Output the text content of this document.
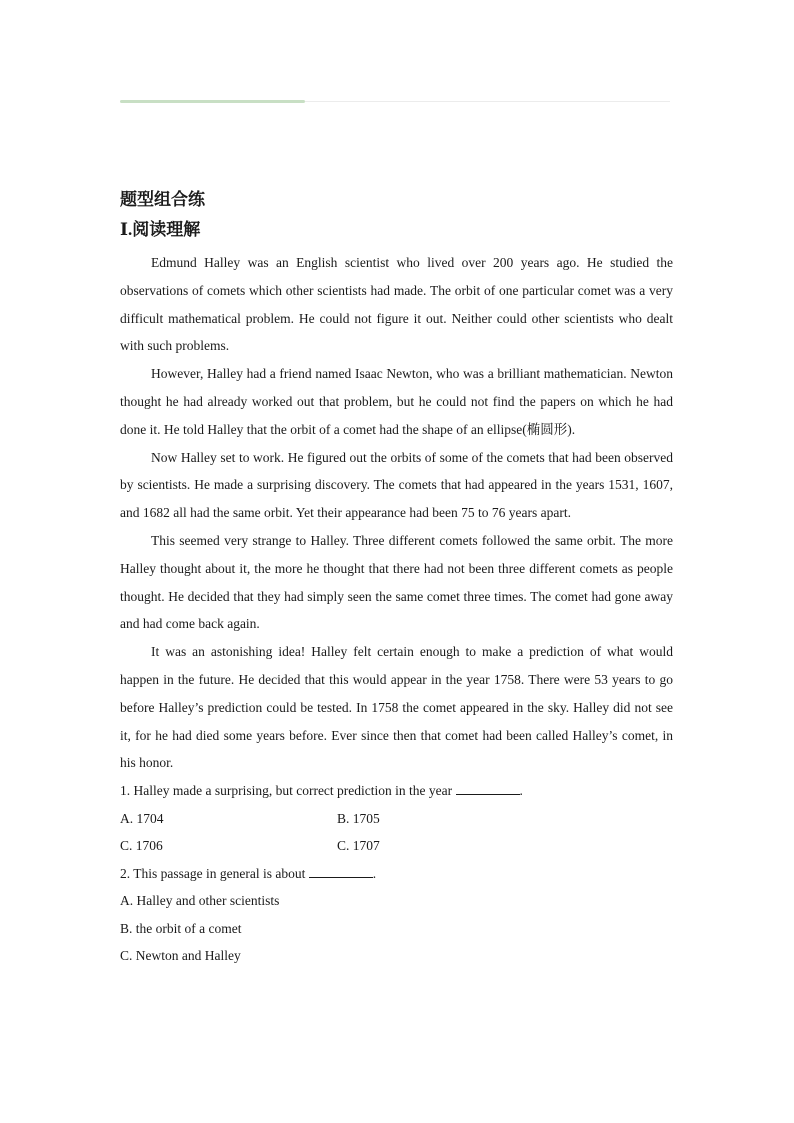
题型组合练
Ⅰ.阅读理解

Edmund Halley was an English scientist who lived over 200 years ago. He studied the observations of comets which other scientists had made. The orbit of one particular comet was a very difficult mathematical problem. He could not figure it out. Neither could other scientists who dealt with such problems.

However, Halley had a friend named Isaac Newton, who was a brilliant mathematician. Newton thought he had already worked out that problem, but he could not find the papers on which he had done it. He told Halley that the orbit of a comet had the shape of an ellipse(椭圆形).

Now Halley set to work. He figured out the orbits of some of the comets that had been observed by scientists. He made a surprising discovery. The comets that had appeared in the years 1531, 1607, and 1682 all had the same orbit. Yet their appearance had been 75 to 76 years apart.

This seemed very strange to Halley. Three different comets followed the same orbit. The more Halley thought about it, the more he thought that there had not been three different comets as people thought. He decided that they had simply seen the same comet three times. The comet had gone away and had come back again.

It was an astonishing idea! Halley felt certain enough to make a prediction of what would happen in the future. He decided that this would appear in the year 1758. There were 53 years to go before Halley’s prediction could be tested. In 1758 the comet appeared in the sky. Halley did not see it, for he had died some years before. Ever since then that comet had been called Halley’s comet, in his honor.

1. Halley made a surprising, but correct prediction in the year	.

A. 1704	B. 1705

C. 1706	C. 1707

2. This passage in general is about	.

A. Halley and other scientists

B. the orbit of a comet

C. Newton and Halley
